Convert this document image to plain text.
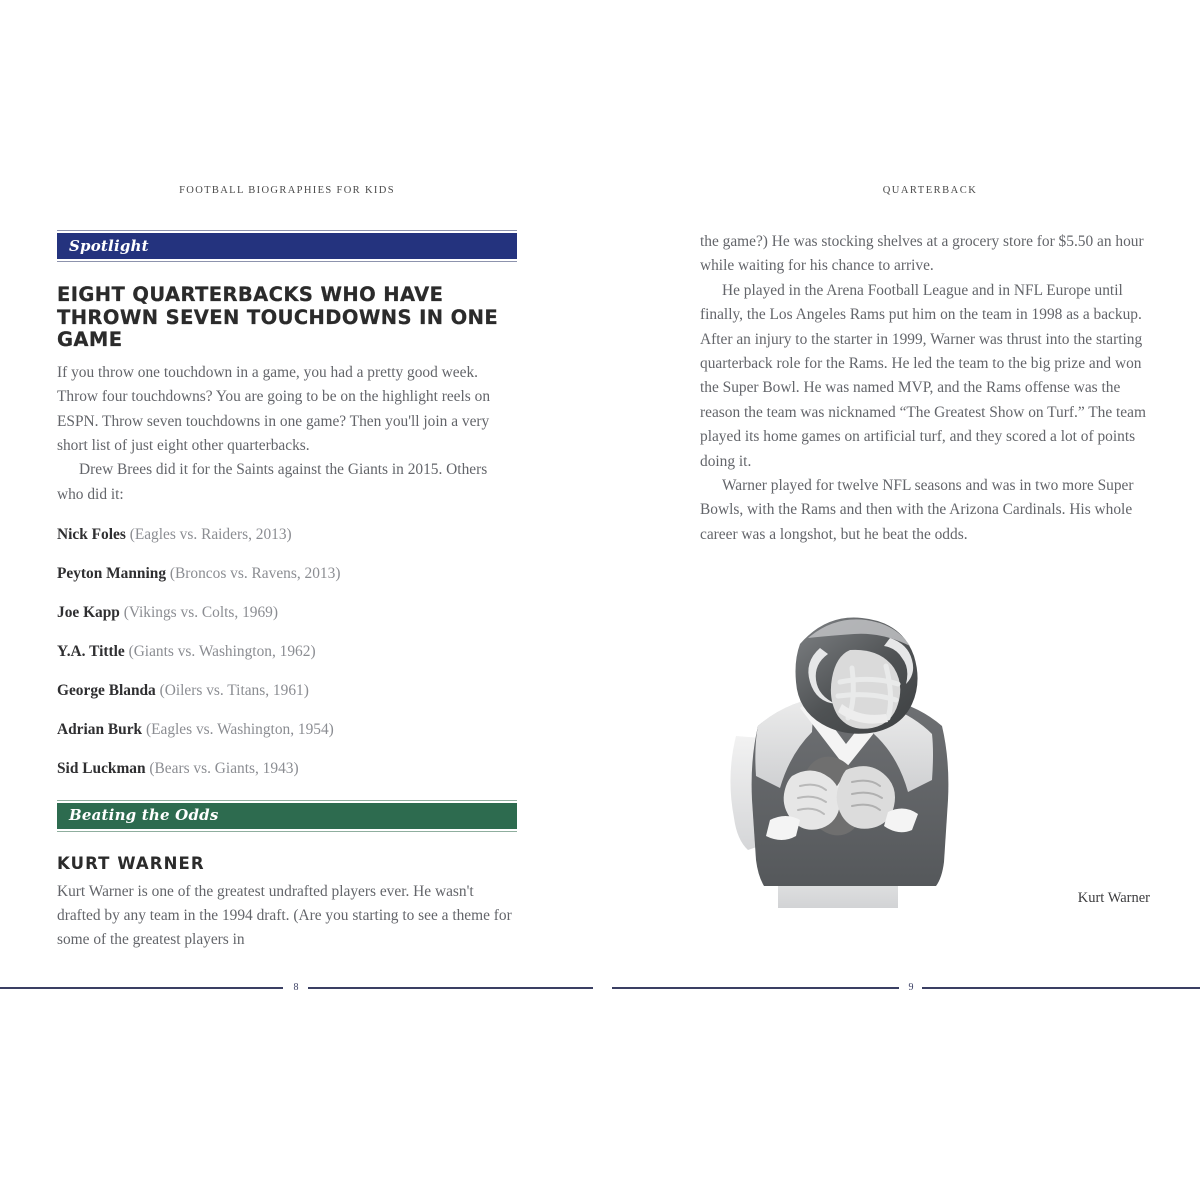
FOOTBALL BIOGRAPHIES FOR KIDS
Spotlight
EIGHT QUARTERBACKS WHO HAVE THROWN SEVEN TOUCHDOWNS IN ONE GAME

If you throw one touchdown in a game, you had a pretty good week. Throw four touchdowns? You are going to be on the highlight reels on ESPN. Throw seven touchdowns in one game? Then you'll join a very short list of just eight other quarterbacks.

Drew Brees did it for the Saints against the Giants in 2015. Others who did it:

Nick Foles (Eagles vs. Raiders, 2013)
Peyton Manning (Broncos vs. Ravens, 2013)
Joe Kapp (Vikings vs. Colts, 1969)
Y.A. Tittle (Giants vs. Washington, 1962)
George Blanda (Oilers vs. Titans, 1961)
Adrian Burk (Eagles vs. Washington, 1954)
Sid Luckman (Bears vs. Giants, 1943)
Beating the Odds
KURT WARNER

Kurt Warner is one of the greatest undrafted players ever. He wasn't drafted by any team in the 1994 draft. (Are you starting to see a theme for some of the greatest players in

QUARTERBACK

the game?) He was stocking shelves at a grocery store for $5.50 an hour while waiting for his chance to arrive.

He played in the Arena Football League and in NFL Europe until finally, the Los Angeles Rams put him on the team in 1998 as a backup. After an injury to the starter in 1999, Warner was thrust into the starting quarterback role for the Rams. He led the team to the big prize and won the Super Bowl. He was named MVP, and the Rams offense was the reason the team was nicknamed “The Greatest Show on Turf.” The team played its home games on artificial turf, and they scored a lot of points doing it.

Warner played for twelve NFL seasons and was in two more Super Bowls, with the Rams and then with the Arizona Cardinals. His whole career was a longshot, but he beat the odds.

Kurt Warner
8	9
